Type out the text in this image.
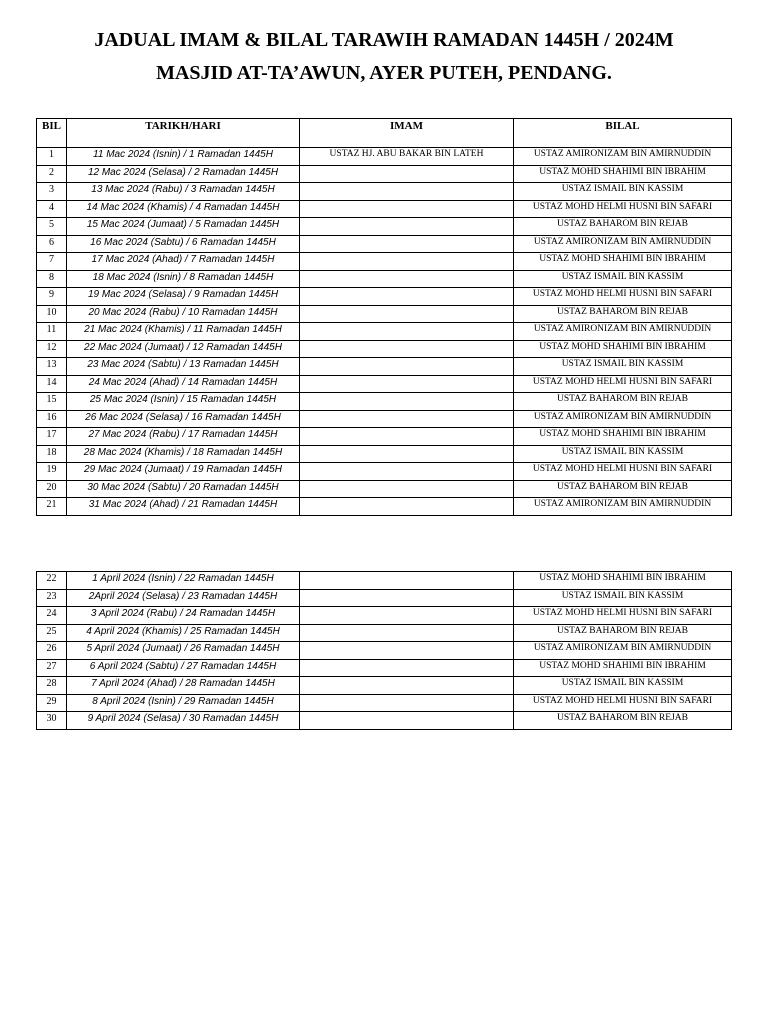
JADUAL IMAM & BILAL TARAWIH RAMADAN 1445H / 2024M
MASJID AT-TA’AWUN, AYER PUTEH, PENDANG.
BIL	TARIKH/HARI	IMAM	BILAL
1	11 Mac 2024 (Isnin) / 1 Ramadan 1445H	USTAZ HJ. ABU BAKAR BIN LATEH	USTAZ AMIRONIZAM BIN AMIRNUDDIN
2	12 Mac 2024 (Selasa) / 2 Ramadan 1445H		USTAZ MOHD SHAHIMI BIN IBRAHIM
3	13 Mac 2024 (Rabu) / 3 Ramadan 1445H		USTAZ ISMAIL BIN KASSIM
4	14 Mac 2024 (Khamis) / 4 Ramadan 1445H		USTAZ MOHD HELMI HUSNI BIN SAFARI
5	15 Mac 2024 (Jumaat) / 5 Ramadan 1445H		USTAZ BAHAROM BIN REJAB
6	16 Mac 2024 (Sabtu) / 6 Ramadan 1445H		USTAZ AMIRONIZAM BIN AMIRNUDDIN
7	17 Mac 2024 (Ahad) / 7 Ramadan 1445H		USTAZ MOHD SHAHIMI BIN IBRAHIM
8	18 Mac 2024 (Isnin) / 8 Ramadan 1445H		USTAZ ISMAIL BIN KASSIM
9	19 Mac 2024 (Selasa) / 9 Ramadan 1445H		USTAZ MOHD HELMI HUSNI BIN SAFARI
10	20 Mac 2024 (Rabu) / 10 Ramadan 1445H		USTAZ BAHAROM BIN REJAB
11	21 Mac 2024 (Khamis) / 11 Ramadan 1445H		USTAZ AMIRONIZAM BIN AMIRNUDDIN
12	22 Mac 2024 (Jumaat) / 12 Ramadan 1445H		USTAZ MOHD SHAHIMI BIN IBRAHIM
13	23 Mac 2024 (Sabtu) / 13 Ramadan 1445H		USTAZ ISMAIL BIN KASSIM
14	24 Mac 2024 (Ahad) / 14 Ramadan 1445H		USTAZ MOHD HELMI HUSNI BIN SAFARI
15	25 Mac 2024 (Isnin) / 15 Ramadan 1445H		USTAZ BAHAROM BIN REJAB
16	26 Mac 2024 (Selasa) / 16 Ramadan 1445H		USTAZ AMIRONIZAM BIN AMIRNUDDIN
17	27 Mac 2024 (Rabu) / 17 Ramadan 1445H		USTAZ MOHD SHAHIMI BIN IBRAHIM
18	28 Mac 2024 (Khamis) / 18 Ramadan 1445H		USTAZ ISMAIL BIN KASSIM
19	29 Mac 2024 (Jumaat) / 19 Ramadan 1445H		USTAZ MOHD HELMI HUSNI BIN SAFARI
20	30 Mac 2024 (Sabtu) / 20 Ramadan 1445H		USTAZ BAHAROM BIN REJAB
21	31 Mac 2024 (Ahad) / 21 Ramadan 1445H		USTAZ AMIRONIZAM BIN AMIRNUDDIN
22	1 April 2024 (Isnin) / 22 Ramadan 1445H		USTAZ MOHD SHAHIMI BIN IBRAHIM
23	2April 2024 (Selasa) / 23 Ramadan 1445H		USTAZ ISMAIL BIN KASSIM
24	3 April 2024 (Rabu) / 24 Ramadan 1445H		USTAZ MOHD HELMI HUSNI BIN SAFARI
25	4 April 2024 (Khamis) / 25 Ramadan 1445H		USTAZ BAHAROM BIN REJAB
26	5 April 2024 (Jumaat) / 26 Ramadan 1445H		USTAZ AMIRONIZAM BIN AMIRNUDDIN
27	6 April 2024 (Sabtu) / 27 Ramadan 1445H		USTAZ MOHD SHAHIMI BIN IBRAHIM
28	7 April 2024 (Ahad) / 28 Ramadan 1445H		USTAZ ISMAIL BIN KASSIM
29	8 April 2024 (Isnin) / 29 Ramadan 1445H		USTAZ MOHD HELMI HUSNI BIN SAFARI
30	9 April 2024 (Selasa) / 30 Ramadan 1445H		USTAZ BAHAROM BIN REJAB
